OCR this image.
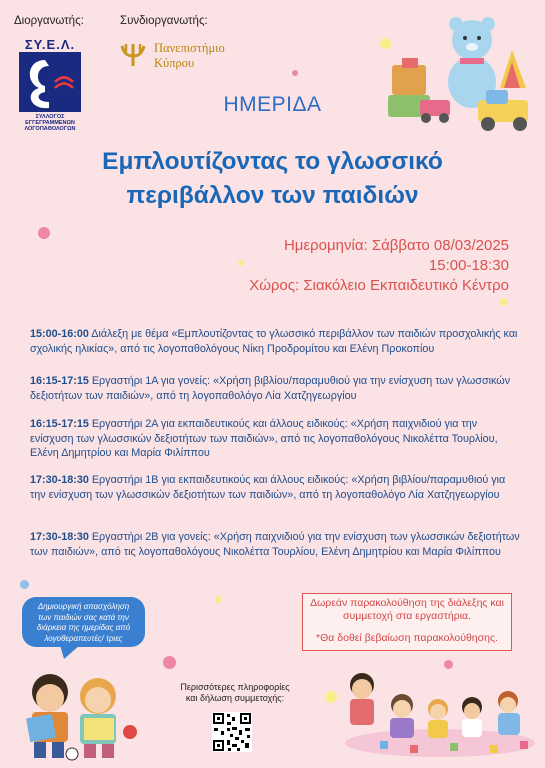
Διοργανωτής:	Συνδιοργανωτής:
ΣΥ.Ε.Λ.
ΣΥΛΛΟΓΟΣ
ΕΓΓΕΓΡΑΜΜΕΝΩΝ
ΛΟΓΟΠΑΘΟΛΟΓΩΝ
Πανεπιστήμιο
Κύπρου
ΗΜΕΡΙΔΑ
Εμπλουτίζοντας το γλωσσικό
περιβάλλον των παιδιών
Ημερομηνία: Σάββατο 08/03/2025
15:00-18:30
Χώρος: Σιακόλειο Εκπαιδευτικό Κέντρο
15:00-16:00 Διάλεξη με θέμα «Εμπλουτίζοντας το γλωσσικό περιβάλλον των παιδιών προσχολικής και σχολικής ηλικίας», από τις λογοπαθολόγους Νίκη Προδρομίτου και Ελένη Προκοπίου
16:15-17:15 Εργαστήρι 1Α για γονείς: «Χρήση βιβλίου/παραμυθιού για την ενίσχυση των γλωσσικών δεξιοτήτων των παιδιών», από τη λογοπαθολόγο Λία Χατζηγεωργίου
16:15-17:15 Εργαστήρι 2Α για εκπαιδευτικούς και άλλους ειδικούς: «Χρήση παιχνιδιού για την ενίσχυση των γλωσσικών δεξιοτήτων των παιδιών», από τις λογοπαθολόγους Νικολέττα Τουρλίου, Ελένη Δημητρίου και Μαρία Φιλίππου
17:30-18:30 Εργαστήρι 1Β για εκπαιδευτικούς και άλλους ειδικούς: «Χρήση βιβλίου/παραμυθιού για την ενίσχυση των γλωσσικών δεξιοτήτων των παιδιών», από τη λογοπαθολόγο Λία Χατζηγεωργίου
17:30-18:30 Εργαστήρι 2Β για γονείς: «Χρήση παιχνιδιού για την ενίσχυση των γλωσσικών δεξιοτήτων των παιδιών», από τις λογοπαθολόγους Νικολέττα Τουρλίου, Ελένη Δημητρίου και Μαρία Φιλίππου
Δωρεάν παρακολούθηση της διάλεξης και
συμμετοχή στα εργαστήρια.
*Θα δοθεί βεβαίωση παρακολούθησης.
Δημιουργική απασχόληση
των παιδιών σας κατά την
διάρκεια της ημερίδας από
λογοθεραπευτές/ τριες
Περισσότερες πληροφορίες
και δήλωση συμμετοχής:
